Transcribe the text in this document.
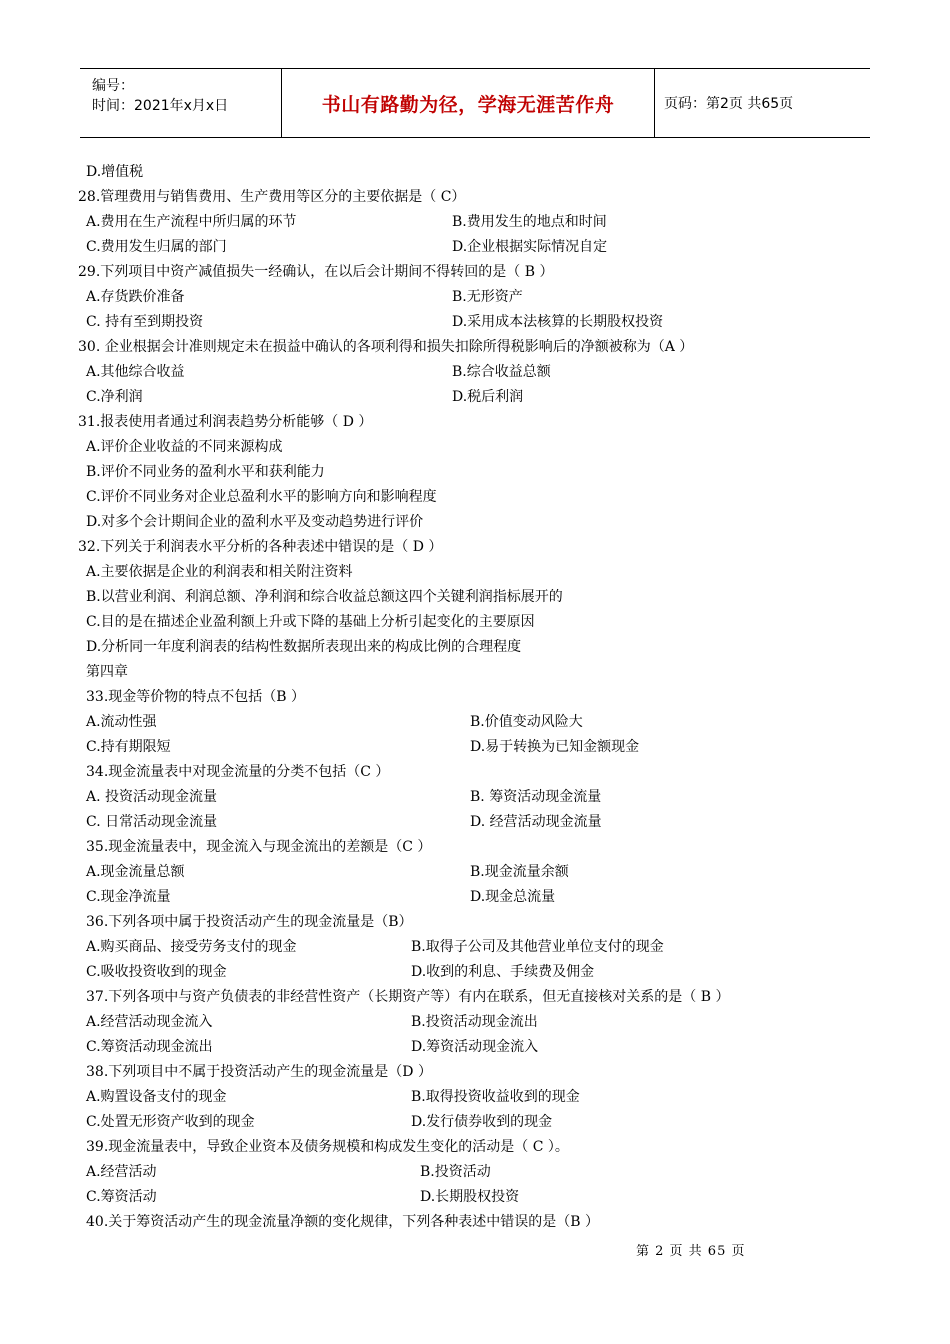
编号：
时间：2021年x月x日	书山有路勤为径，学海无涯苦作舟	页码：第2页 共65页
D.增值税
28.管理费用与销售费用、生产费用等区分的主要依据是（ C）
A.费用在生产流程中所归属的环节	B.费用发生的地点和时间
C.费用发生归属的部门	D.企业根据实际情况自定
29.下列项目中资产减值损失一经确认，在以后会计期间不得转回的是（ B ）
A.存货跌价准备	B.无形资产
C. 持有至到期投资	D.采用成本法核算的长期股权投资
30. 企业根据会计准则规定未在损益中确认的各项利得和损失扣除所得税影响后的净额被称为（A ）
A.其他综合收益	B.综合收益总额
C.净利润	D.税后利润
31.报表使用者通过利润表趋势分析能够（ D ）
A.评价企业收益的不同来源构成
B.评价不同业务的盈利水平和获利能力
C.评价不同业务对企业总盈利水平的影响方向和影响程度
D.对多个会计期间企业的盈利水平及变动趋势进行评价
32.下列关于利润表水平分析的各种表述中错误的是（ D ）
A.主要依据是企业的利润表和相关附注资料
B.以营业利润、利润总额、净利润和综合收益总额这四个关键利润指标展开的
C.目的是在描述企业盈利额上升或下降的基础上分析引起变化的主要原因
D.分析同一年度利润表的结构性数据所表现出来的构成比例的合理程度
第四章
33.现金等价物的特点不包括（B ）
A.流动性强	B.价值变动风险大
C.持有期限短	D.易于转换为已知金额现金
34.现金流量表中对现金流量的分类不包括（C ）
A. 投资活动现金流量	B. 筹资活动现金流量
C. 日常活动现金流量	D. 经营活动现金流量
35.现金流量表中，现金流入与现金流出的差额是（C ）
A.现金流量总额	B.现金流量余额
C.现金净流量	D.现金总流量
36.下列各项中属于投资活动产生的现金流量是（B）
A.购买商品、接受劳务支付的现金	B.取得子公司及其他营业单位支付的现金
C.吸收投资收到的现金	D.收到的利息、手续费及佣金
37.下列各项中与资产负债表的非经营性资产（长期资产等）有内在联系，但无直接核对关系的是（ B ）
A.经营活动现金流入	B.投资活动现金流出
C.筹资活动现金流出	D.筹资活动现金流入
38.下列项目中不属于投资活动产生的现金流量是（D ）
A.购置设备支付的现金	B.取得投资收益收到的现金
C.处置无形资产收到的现金	D.发行债券收到的现金
39.现金流量表中，导致企业资本及债务规模和构成发生变化的活动是（ C ）。
A.经营活动	B.投资活动
C.筹资活动	D.长期股权投资
40.关于筹资活动产生的现金流量净额的变化规律，下列各种表述中错误的是（B ）
第 2 页 共 65 页
